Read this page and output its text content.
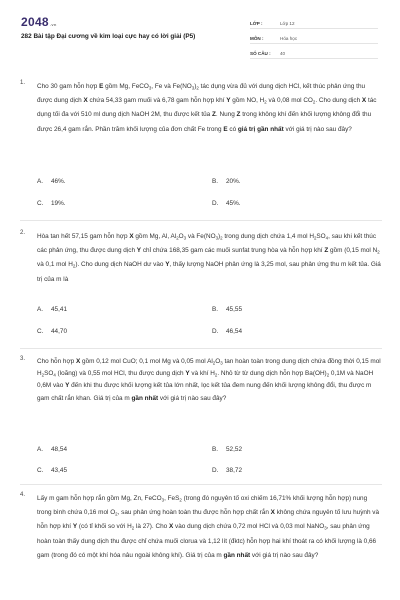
2048.vn
282 Bài tập Đại cương về kim loại cực hay có lời giải (P5)
LỚP :	Lớp 12
MÔN :	Hóa học
SỐ CÂU :	40
1. Cho 30 gam hỗn hợp E gồm Mg, FeCO$_3$, Fe và $Fe(NO_3)_2$ tác dụng vừa đủ với dung dịch HCl, kết thúc phản ứng thu được dung dịch X chứa 54,33 gam muối và 6,78 gam hỗn hợp khí Y gồm NO, $H_2$ và 0,08 mol $CO_2$. Cho dung dịch X tác dụng tối đa với 510 ml dung dịch NaOH 2M, thu được kết tủa Z. Nung Z trong không khí đến khối lượng không đổi thu được 26,4 gam rắn. Phần trăm khối lượng của đơn chất Fe trong E có giá trị gần nhất với giá trị nào sau đây?
A. 46%.	B. 20%.
C. 19%.	D. 45%.
2. Hòa tan hết 57,15 gam hỗn hợp X gồm Mg, Al, $Al_2O_3$ và $Fe(NO_3)_2$ trong dung dịch chứa 1,4 mol $H_2SO_4$, sau khi kết thúc các phản ứng, thu được dung dịch Y chỉ chứa 168,35 gam các muối sunfat trung hòa và hỗn hợp khí Z gồm (0,15 mol $N_2$ và 0,1 mol $H_2$). Cho dung dịch NaOH dư vào Y, thấy lượng NaOH phản ứng là 3,25 mol, sau phản ứng thu m kết tủa. Giá trị của m là
A. 45,41	B. 45,55
C. 44,70	D. 46,54
3. Cho hỗn hợp X gồm 0,12 mol CuO; 0,1 mol Mg và 0,05 mol $Al_2O_3$ tan hoàn toàn trong dung dịch chứa đồng thời 0,15 mol $H_2SO_4$ (loãng) và 0,55 mol HCl, thu được dung dịch Y và khí $H_2$. Nhỏ từ từ dung dịch hỗn hợp $Ba(OH)_2$ 0,1M và NaOH 0,6M vào Y đến khi thu được khối lượng kết tủa lớn nhất, lọc kết tủa đem nung đến khối lượng không đổi, thu được m gam chất rắn khan. Giá trị của m gần nhất với giá trị nào sau đây?
A. 48,54	B. 52,52
C. 43,45	D. 38,72
4. Lấy m gam hỗn hợp rắn gồm Mg, Zn, FeCO$_3$, FeS$_2$ (trong đó nguyên tố oxi chiếm 16,71% khối lượng hỗn hợp) nung trong bình chứa 0,16 mol $O_2$, sau phản ứng hoàn toàn thu được hỗn hợp chất rắn X không chứa nguyên tố lưu huỳnh và hỗn hợp khí Y (có tỉ khối so với $H_2$ là 27). Cho X vào dung dịch chứa 0,72 mol HCl và 0,03 mol NaNO$_3$, sau phản ứng hoàn toàn thấy dung dịch thu được chỉ chứa muối clorua và 1,12 lít (đktc) hỗn hợp hai khí thoát ra có khối lượng là 0,66 gam (trong đó có một khí hóa nâu ngoài không khí). Giá trị của m gần nhất với giá trị nào sau đây?
